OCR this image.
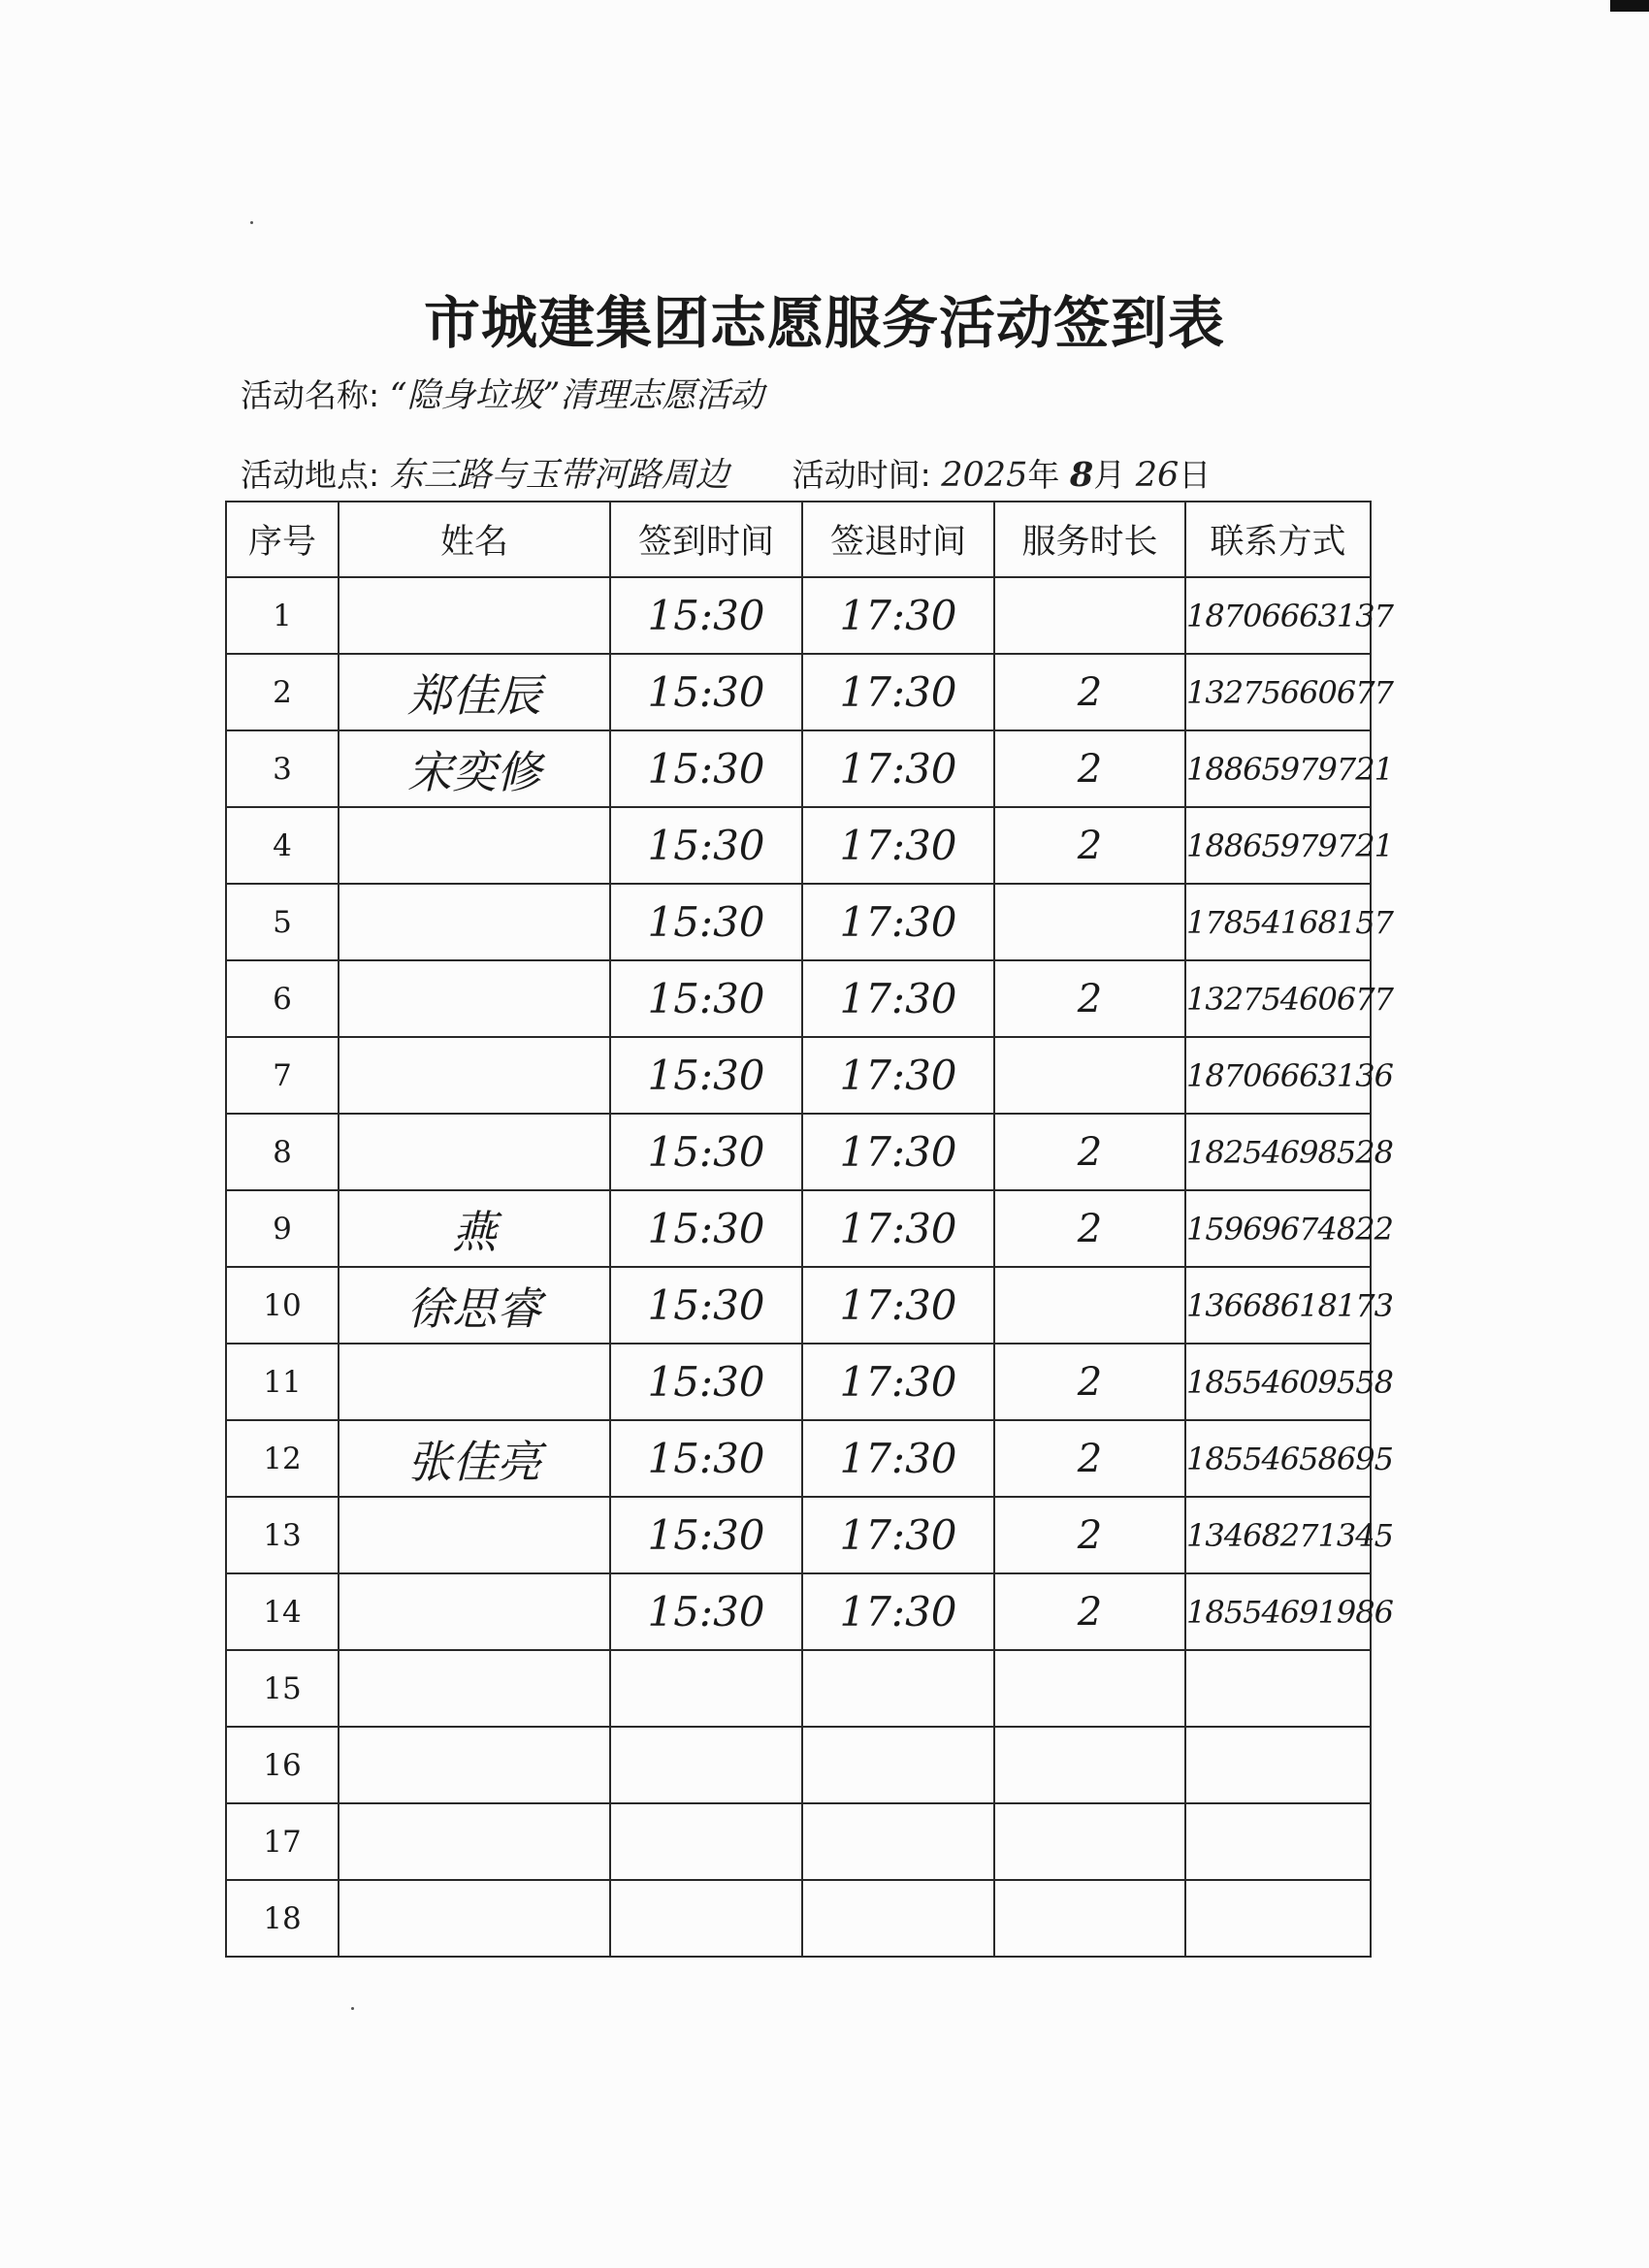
市城建集团志愿服务活动签到表
活动名称: “隐身垃圾”清理志愿活动
活动地点: 东三路与玉带河路周边 活动时间: 2025年 8月 26日
序号	姓名	签到时间	签退时间	服务时长	联系方式
1		15:30	17:30		18706663137
2	郑佳辰	15:30	17:30	2	13275660677
3	宋奕修	15:30	17:30	2	18865979721
4		15:30	17:30	2	18865979721
5		15:30	17:30		17854168157
6		15:30	17:30	2	13275460677
7		15:30	17:30		18706663136
8		15:30	17:30	2	18254698528
9	燕	15:30	17:30	2	15969674822
10	徐思睿	15:30	17:30		13668618173
11		15:30	17:30	2	18554609558
12	张佳亮	15:30	17:30	2	18554658695
13		15:30	17:30	2	13468271345
14		15:30	17:30	2	18554691986
15					
16					
17					
18					
